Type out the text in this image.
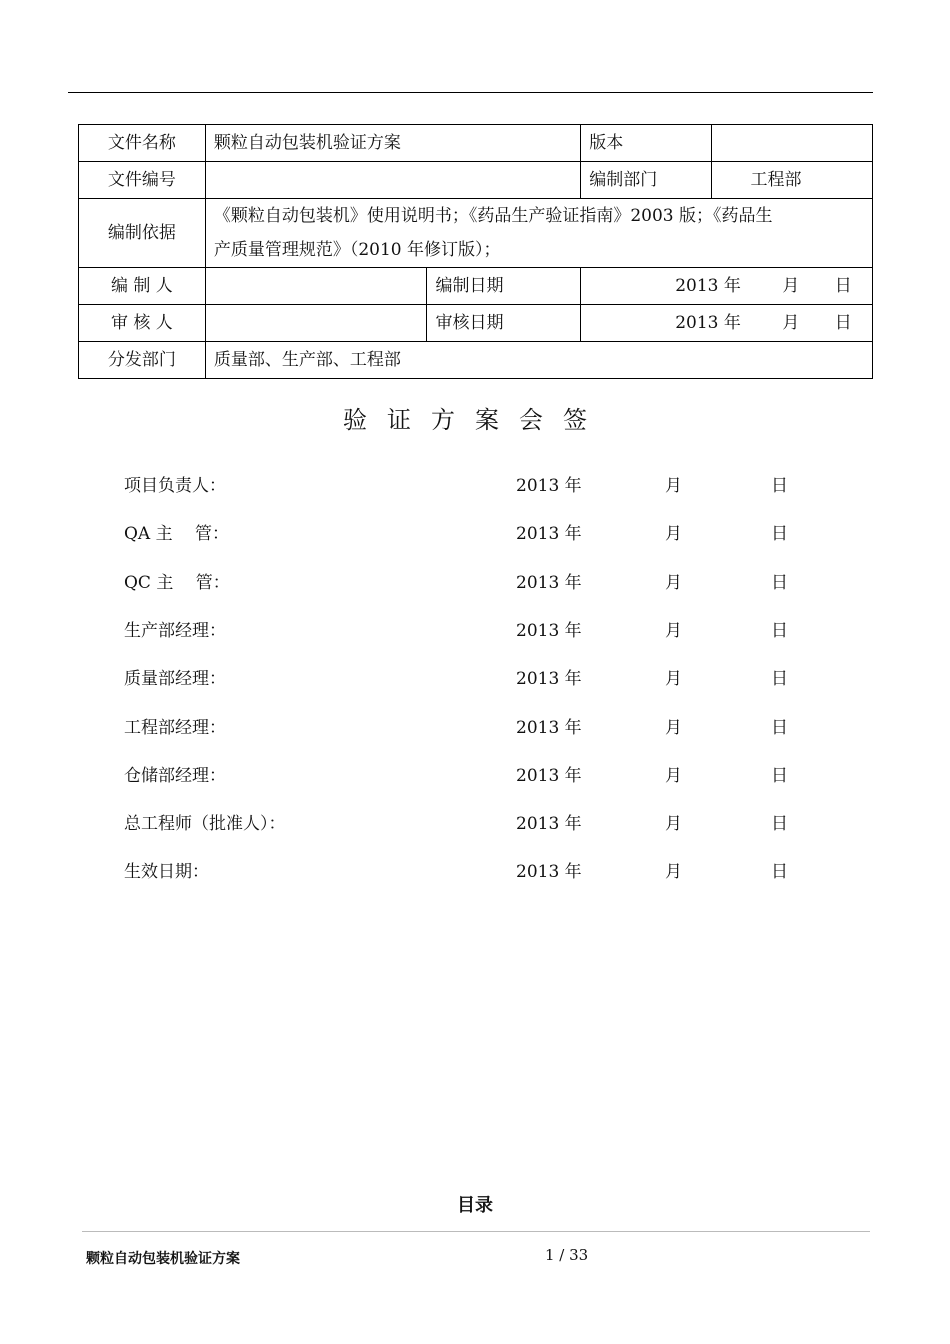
文件名称	颗粒自动包装机验证方案		版本	
文件编号			编制部门	工程部
编制依据	《颗粒自动包装机》使用说明书；《药品生产验证指南》2003 版；《药品生
产质量管理规范》（2010 年修订版）；			

编 制 人		编制日期	2013 年 月 日	
审 核 人		审核日期	2013 年 月 日	
分发部门	质量部、生产部、工程部			
验证方案会签
项目负责人：	2013 年	月	日
QA 主　 管：	2013 年	月	日
QC 主　 管：	2013 年	月	日
生产部经理：	2013 年	月	日
质量部经理：	2013 年	月	日
工程部经理：	2013 年	月	日
仓储部经理：	2013 年	月	日
总工程师（批准人）：	2013 年	月	日
生效日期：	2013 年	月	日
目录
颗粒自动包装机验证方案	1 / 33
